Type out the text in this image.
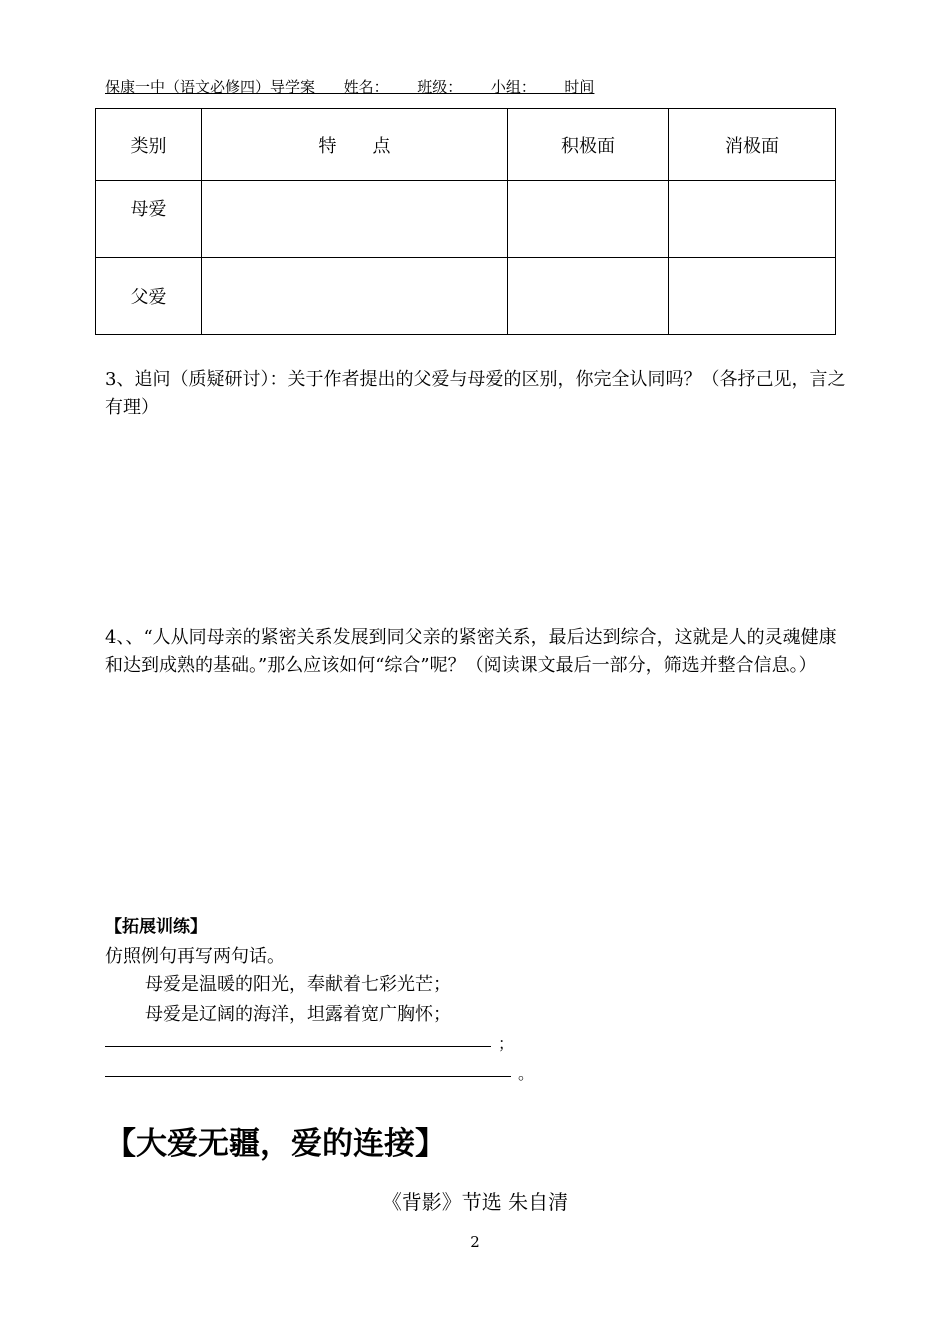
保康一中（语文必修四）导学案      姓名：      班级：      小组：      时间
类别	特　　点	积极面	消极面
母爱			
父爱			
3、追问（质疑研讨）：关于作者提出的父爱与母爱的区别，你完全认同吗？（各抒己见，言之有理）
4、、“人从同母亲的紧密关系发展到同父亲的紧密关系，最后达到综合，这就是人的灵魂健康和达到成熟的基础。”那么应该如何“综合”呢？（阅读课文最后一部分，筛选并整合信息。）
【拓展训练】
仿照例句再写两句话。
母爱是温暖的阳光，奉献着七彩光芒；
母爱是辽阔的海洋，坦露着宽广胸怀；
；
。
【大爱无疆，爱的连接】
《背影》节选 朱自清
2
